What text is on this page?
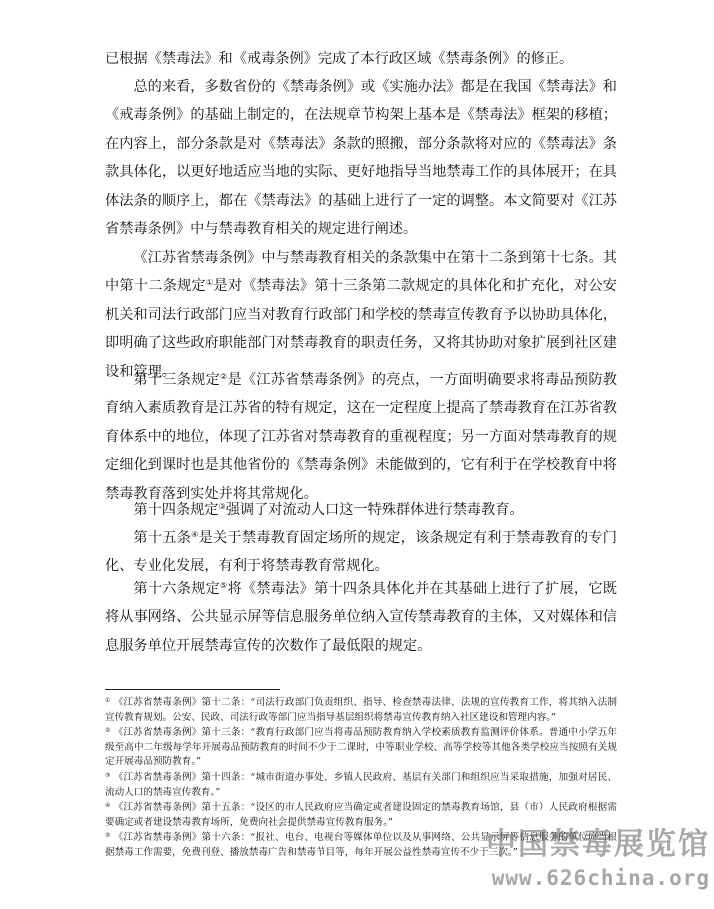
已根据《禁毒法》和《戒毒条例》完成了本行政区域《禁毒条例》的修正。

总的来看，多数省份的《禁毒条例》或《实施办法》都是在我国《禁毒法》和《戒毒条例》的基础上制定的，在法规章节构架上基本是《禁毒法》框架的移植；在内容上，部分条款是对《禁毒法》条款的照搬，部分条款将对应的《禁毒法》条款具体化，以更好地适应当地的实际、更好地指导当地禁毒工作的具体展开；在具体法条的顺序上，都在《禁毒法》的基础上进行了一定的调整。本文简要对《江苏省禁毒条例》中与禁毒教育相关的规定进行阐述。

《江苏省禁毒条例》中与禁毒教育相关的条款集中在第十二条到第十七条。其中第十二条规定①是对《禁毒法》第十三条第二款规定的具体化和扩充化，对公安机关和司法行政部门应当对教育行政部门和学校的禁毒宣传教育予以协助具体化，即明确了这些政府职能部门对禁毒教育的职责任务，又将其协助对象扩展到社区建设和管理。

第十三条规定②是《江苏省禁毒条例》的亮点，一方面明确要求将毒品预防教育纳入素质教育是江苏省的特有规定，这在一定程度上提高了禁毒教育在江苏省教育体系中的地位，体现了江苏省对禁毒教育的重视程度；另一方面对禁毒教育的规定细化到课时也是其他省份的《禁毒条例》未能做到的，它有利于在学校教育中将禁毒教育落到实处并将其常规化。

第十四条规定③强调了对流动人口这一特殊群体进行禁毒教育。

第十五条④是关于禁毒教育固定场所的规定，该条规定有利于禁毒教育的专门化、专业化发展，有利于将禁毒教育常规化。

第十六条规定⑤将《禁毒法》第十四条具体化并在其基础上进行了扩展，它既将从事网络、公共显示屏等信息服务单位纳入宣传禁毒教育的主体，又对媒体和信息服务单位开展禁毒宣传的次数作了最低限的规定。

① 《江苏省禁毒条例》第十二条：“司法行政部门负责组织、指导、检查禁毒法律、法规的宣传教育工作，将其纳入法制宣传教育规划。公安、民政、司法行政等部门应当指导基层组织将禁毒宣传教育纳入社区建设和管理内容。”

② 《江苏省禁毒条例》第十三条：“教育行政部门应当将毒品预防教育纳入学校素质教育监测评价体系。普通中小学五年级至高中二年级每学年开展毒品预防教育的时间不少于二课时，中等职业学校、高等学校等其他各类学校应当按照有关规定开展毒品预防教育。”

③ 《江苏省禁毒条例》第十四条：“城市街道办事处、乡镇人民政府、基层有关部门和组织应当采取措施，加强对居民、流动人口的禁毒宣传教育。”

④ 《江苏省禁毒条例》第十五条：“设区的市人民政府应当确定或者建设固定的禁毒教育场馆，县（市）人民政府根据需要确定或者建设禁毒教育场所，免费向社会提供禁毒宣传教育服务。”

⑤ 《江苏省禁毒条例》第十六条：“报社、电台、电视台等媒体单位以及从事网络、公共显示屏等信息服务的单位应当根据禁毒工作需要，免费刊登、播放禁毒广告和禁毒节目等，每年开展公益性禁毒宣传不少于三次。”

中国禁毒展览馆
www.626china.org
